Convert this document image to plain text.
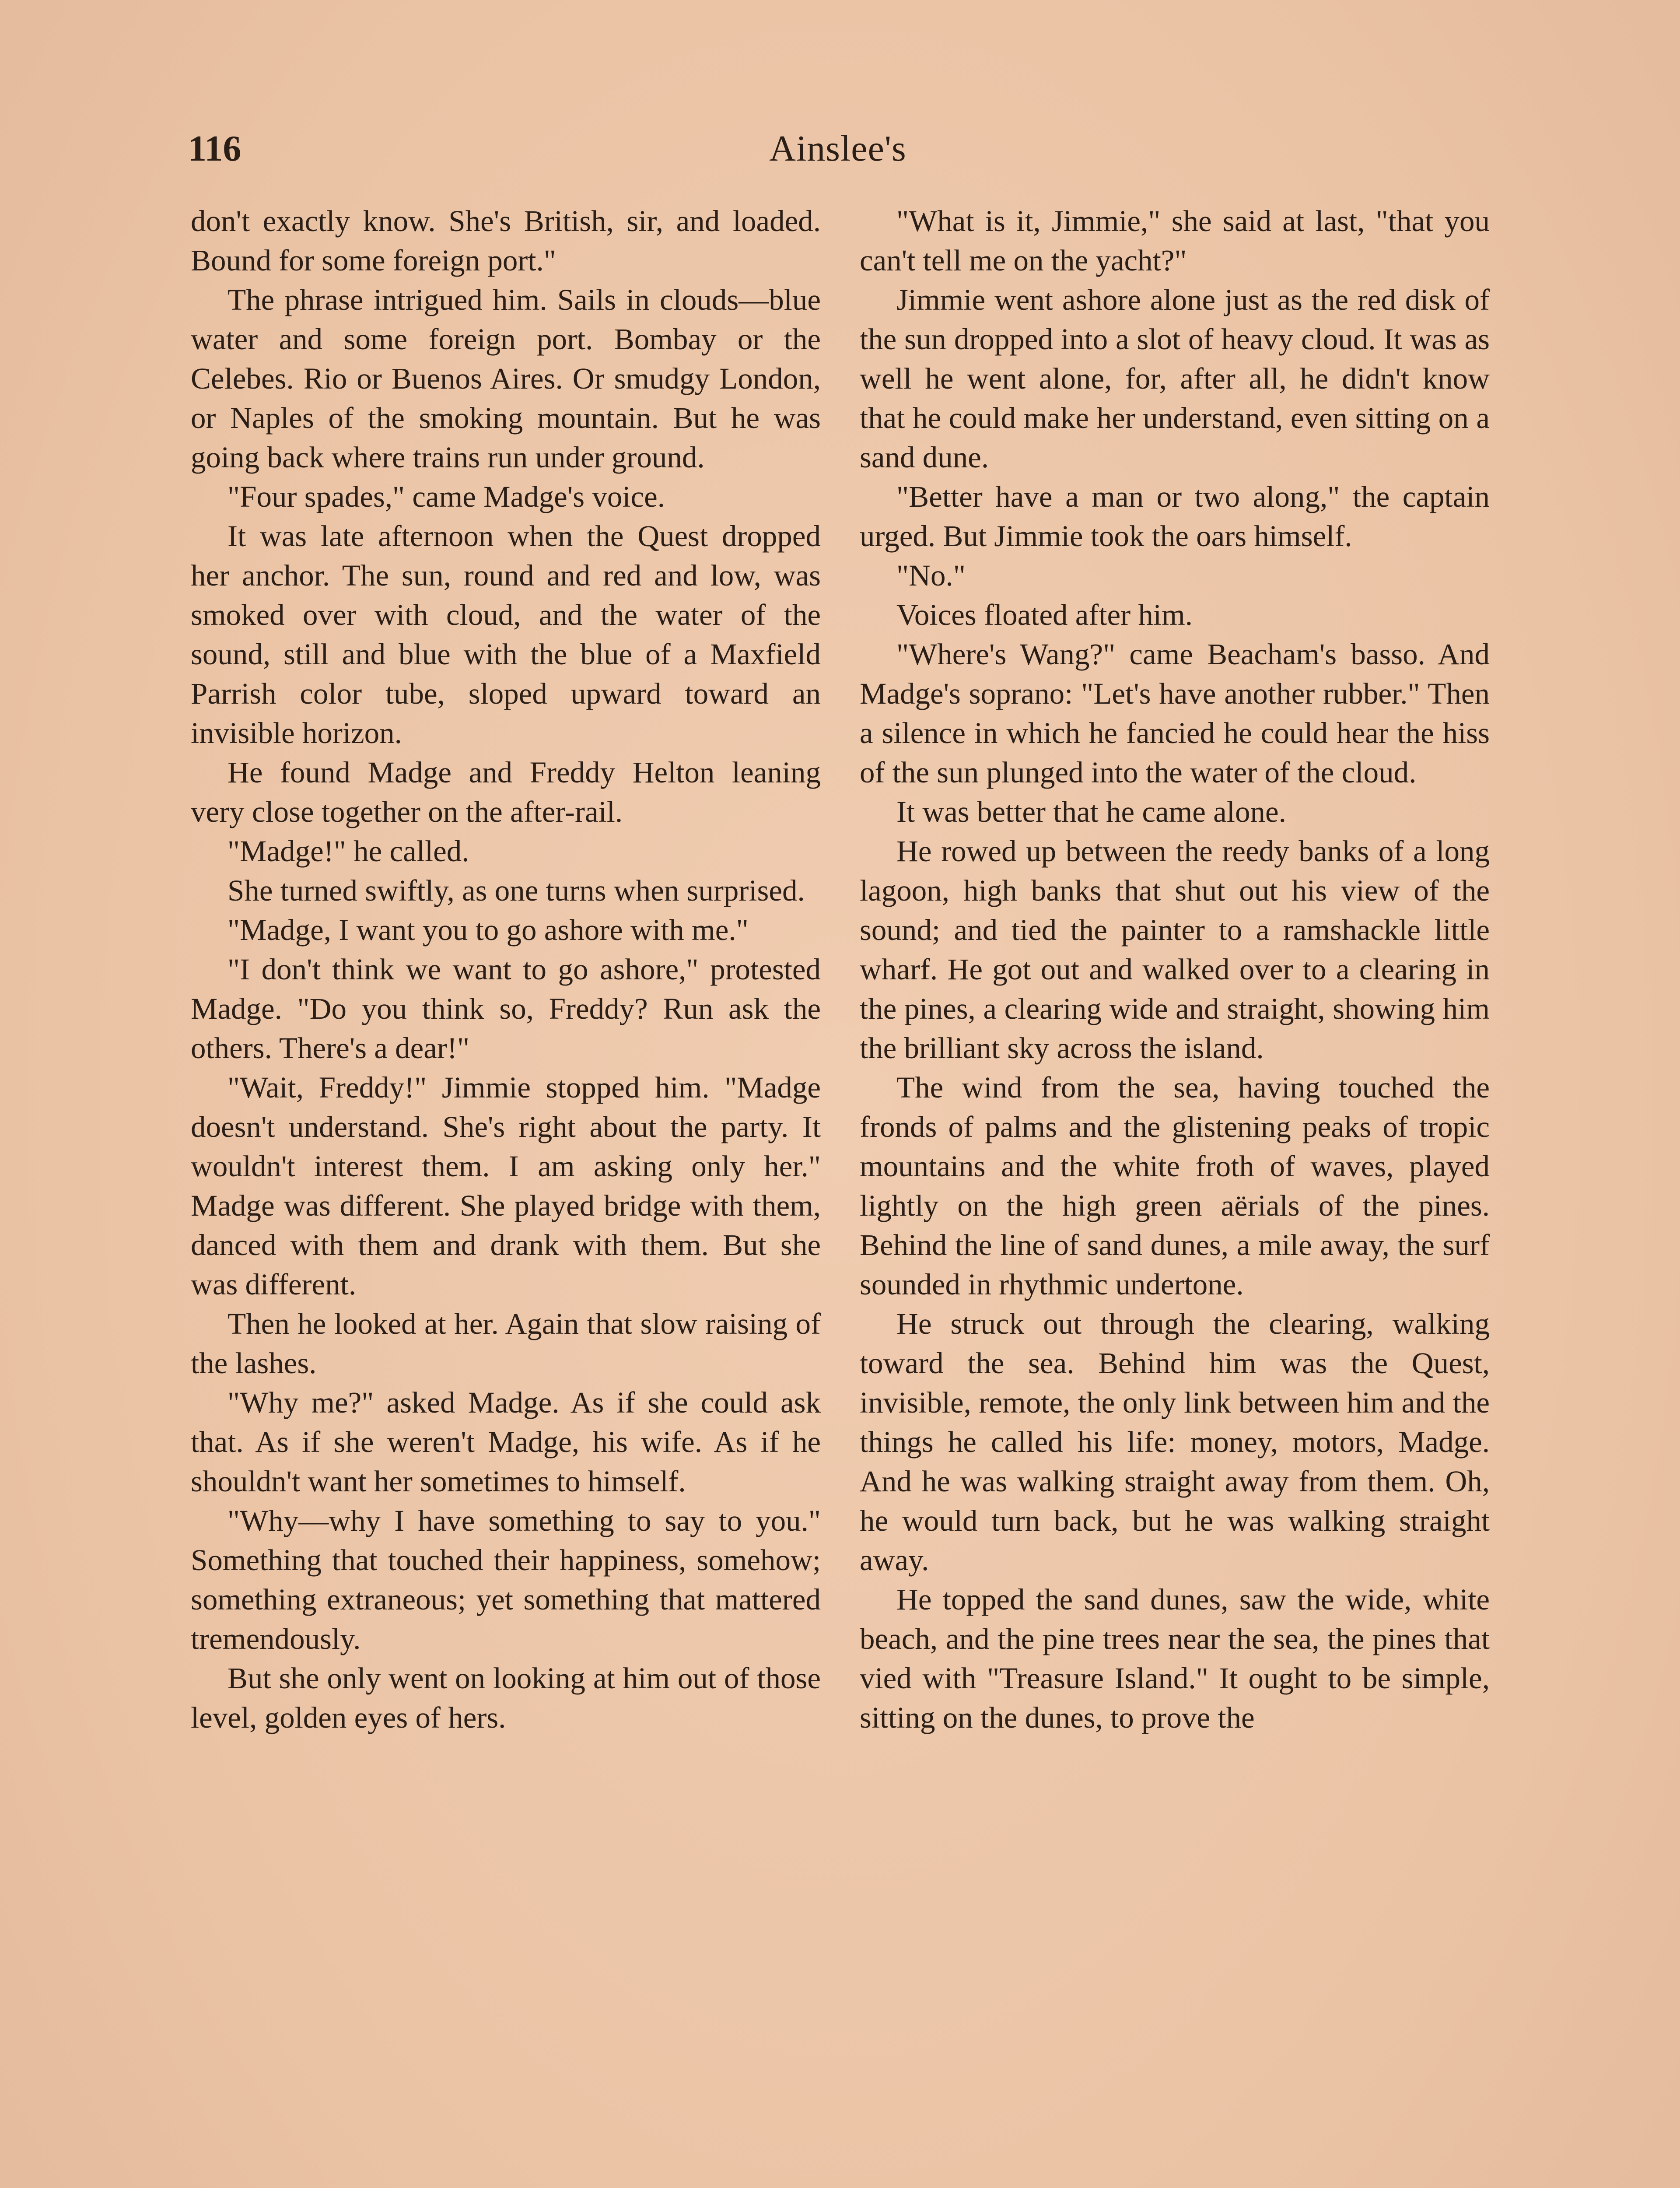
116	Ainslee's

don't exactly know. She's British, sir, and loaded. Bound for some foreign port."

The phrase intrigued him. Sails in clouds—blue water and some foreign port. Bombay or the Celebes. Rio or Buenos Aires. Or smudgy London, or Naples of the smoking mountain. But he was going back where trains run under ground.

"Four spades," came Madge's voice.

It was late afternoon when the Quest dropped her anchor. The sun, round and red and low, was smoked over with cloud, and the water of the sound, still and blue with the blue of a Maxfield Parrish color tube, sloped upward toward an invisible horizon.

He found Madge and Freddy Helton leaning very close together on the after-rail.

"Madge!" he called.

She turned swiftly, as one turns when surprised.

"Madge, I want you to go ashore with me."

"I don't think we want to go ashore," protested Madge. "Do you think so, Freddy? Run ask the others. There's a dear!"

"Wait, Freddy!" Jimmie stopped him. "Madge doesn't understand. She's right about the party. It wouldn't interest them. I am asking only her." Madge was different. She played bridge with them, danced with them and drank with them. But she was different.

Then he looked at her. Again that slow raising of the lashes.

"Why me?" asked Madge. As if she could ask that. As if she weren't Madge, his wife. As if he shouldn't want her sometimes to himself.

"Why—why I have something to say to you." Something that touched their happiness, somehow; something extraneous; yet something that mattered tremendously.

But she only went on looking at him out of those level, golden eyes of hers.

"What is it, Jimmie," she said at last, "that you can't tell me on the yacht?"

Jimmie went ashore alone just as the red disk of the sun dropped into a slot of heavy cloud. It was as well he went alone, for, after all, he didn't know that he could make her understand, even sitting on a sand dune.

"Better have a man or two along," the captain urged. But Jimmie took the oars himself.

"No."

Voices floated after him.

"Where's Wang?" came Beacham's basso. And Madge's soprano: "Let's have another rubber." Then a silence in which he fancied he could hear the hiss of the sun plunged into the water of the cloud.

It was better that he came alone.

He rowed up between the reedy banks of a long lagoon, high banks that shut out his view of the sound; and tied the painter to a ramshackle little wharf. He got out and walked over to a clearing in the pines, a clearing wide and straight, showing him the brilliant sky across the island.

The wind from the sea, having touched the fronds of palms and the glistening peaks of tropic mountains and the white froth of waves, played lightly on the high green aërials of the pines. Behind the line of sand dunes, a mile away, the surf sounded in rhythmic undertone.

He struck out through the clearing, walking toward the sea. Behind him was the Quest, invisible, remote, the only link between him and the things he called his life: money, motors, Madge. And he was walking straight away from them. Oh, he would turn back, but he was walking straight away.

He topped the sand dunes, saw the wide, white beach, and the pine trees near the sea, the pines that vied with "Treasure Island." It ought to be simple, sitting on the dunes, to prove the
